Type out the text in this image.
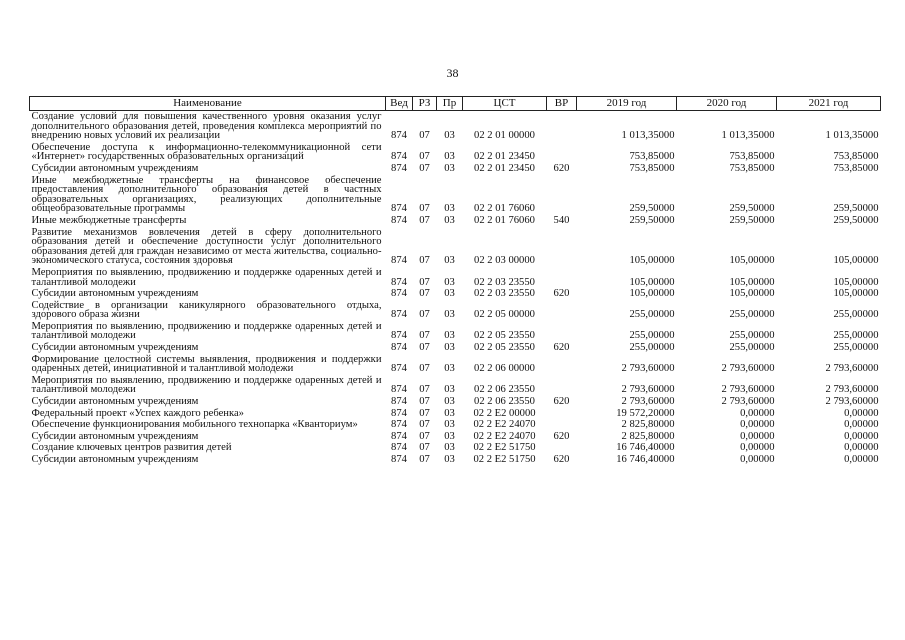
38
Наименование	Вед	РЗ	Пр	ЦСТ	ВР	2019 год	2020 год	2021 год
Создание условий для повышения качественного уровня оказания услуг дополнительного образования детей, проведения комплекса мероприятий по внедрению новых условий их реализации	874	07	03	02 2 01 00000		1 013,35000	1 013,35000	1 013,35000
Обеспечение доступа к информационно-телекоммуникационной сети «Интернет» государственных образовательных организаций	874	07	03	02 2 01 23450		753,85000	753,85000	753,85000
Субсидии автономным учреждениям	874	07	03	02 2 01 23450	620	753,85000	753,85000	753,85000
Иные межбюджетные трансферты на финансовое обеспечение предоставления дополнительного образования детей в частных образовательных организациях, реализующих дополнительные общеобразовательные программы	874	07	03	02 2 01 76060		259,50000	259,50000	259,50000
Иные межбюджетные трансферты	874	07	03	02 2 01 76060	540	259,50000	259,50000	259,50000
Развитие механизмов вовлечения детей в сферу дополнительного образования детей и обеспечение доступности услуг дополнительного образования детей для граждан независимо от места жительства, социально-экономического статуса, состояния здоровья	874	07	03	02 2 03 00000		105,00000	105,00000	105,00000
Мероприятия по выявлению, продвижению и поддержке одаренных детей и талантливой молодежи	874	07	03	02 2 03 23550		105,00000	105,00000	105,00000
Субсидии автономным учреждениям	874	07	03	02 2 03 23550	620	105,00000	105,00000	105,00000
Содействие в организации каникулярного образовательного отдыха, здорового образа жизни	874	07	03	02 2 05 00000		255,00000	255,00000	255,00000
Мероприятия по выявлению, продвижению и поддержке одаренных детей и талантливой молодежи	874	07	03	02 2 05 23550		255,00000	255,00000	255,00000
Субсидии автономным учреждениям	874	07	03	02 2 05 23550	620	255,00000	255,00000	255,00000
Формирование целостной системы выявления, продвижения и поддержки одаренных детей, инициативной и талантливой молодежи	874	07	03	02 2 06 00000		2 793,60000	2 793,60000	2 793,60000
Мероприятия по выявлению, продвижению и поддержке одаренных детей и талантливой молодежи	874	07	03	02 2 06 23550		2 793,60000	2 793,60000	2 793,60000
Субсидии автономным учреждениям	874	07	03	02 2 06 23550	620	2 793,60000	2 793,60000	2 793,60000
Федеральный проект «Успех каждого ребенка»	874	07	03	02 2 E2 00000		19 572,20000	0,00000	0,00000
Обеспечение функционирования мобильного технопарка «Кванториум»	874	07	03	02 2 E2 24070		2 825,80000	0,00000	0,00000
Субсидии автономным учреждениям	874	07	03	02 2 E2 24070	620	2 825,80000	0,00000	0,00000
Создание ключевых центров развития детей	874	07	03	02 2 E2 51750		16 746,40000	0,00000	0,00000
Субсидии автономным учреждениям	874	07	03	02 2 E2 51750	620	16 746,40000	0,00000	0,00000
